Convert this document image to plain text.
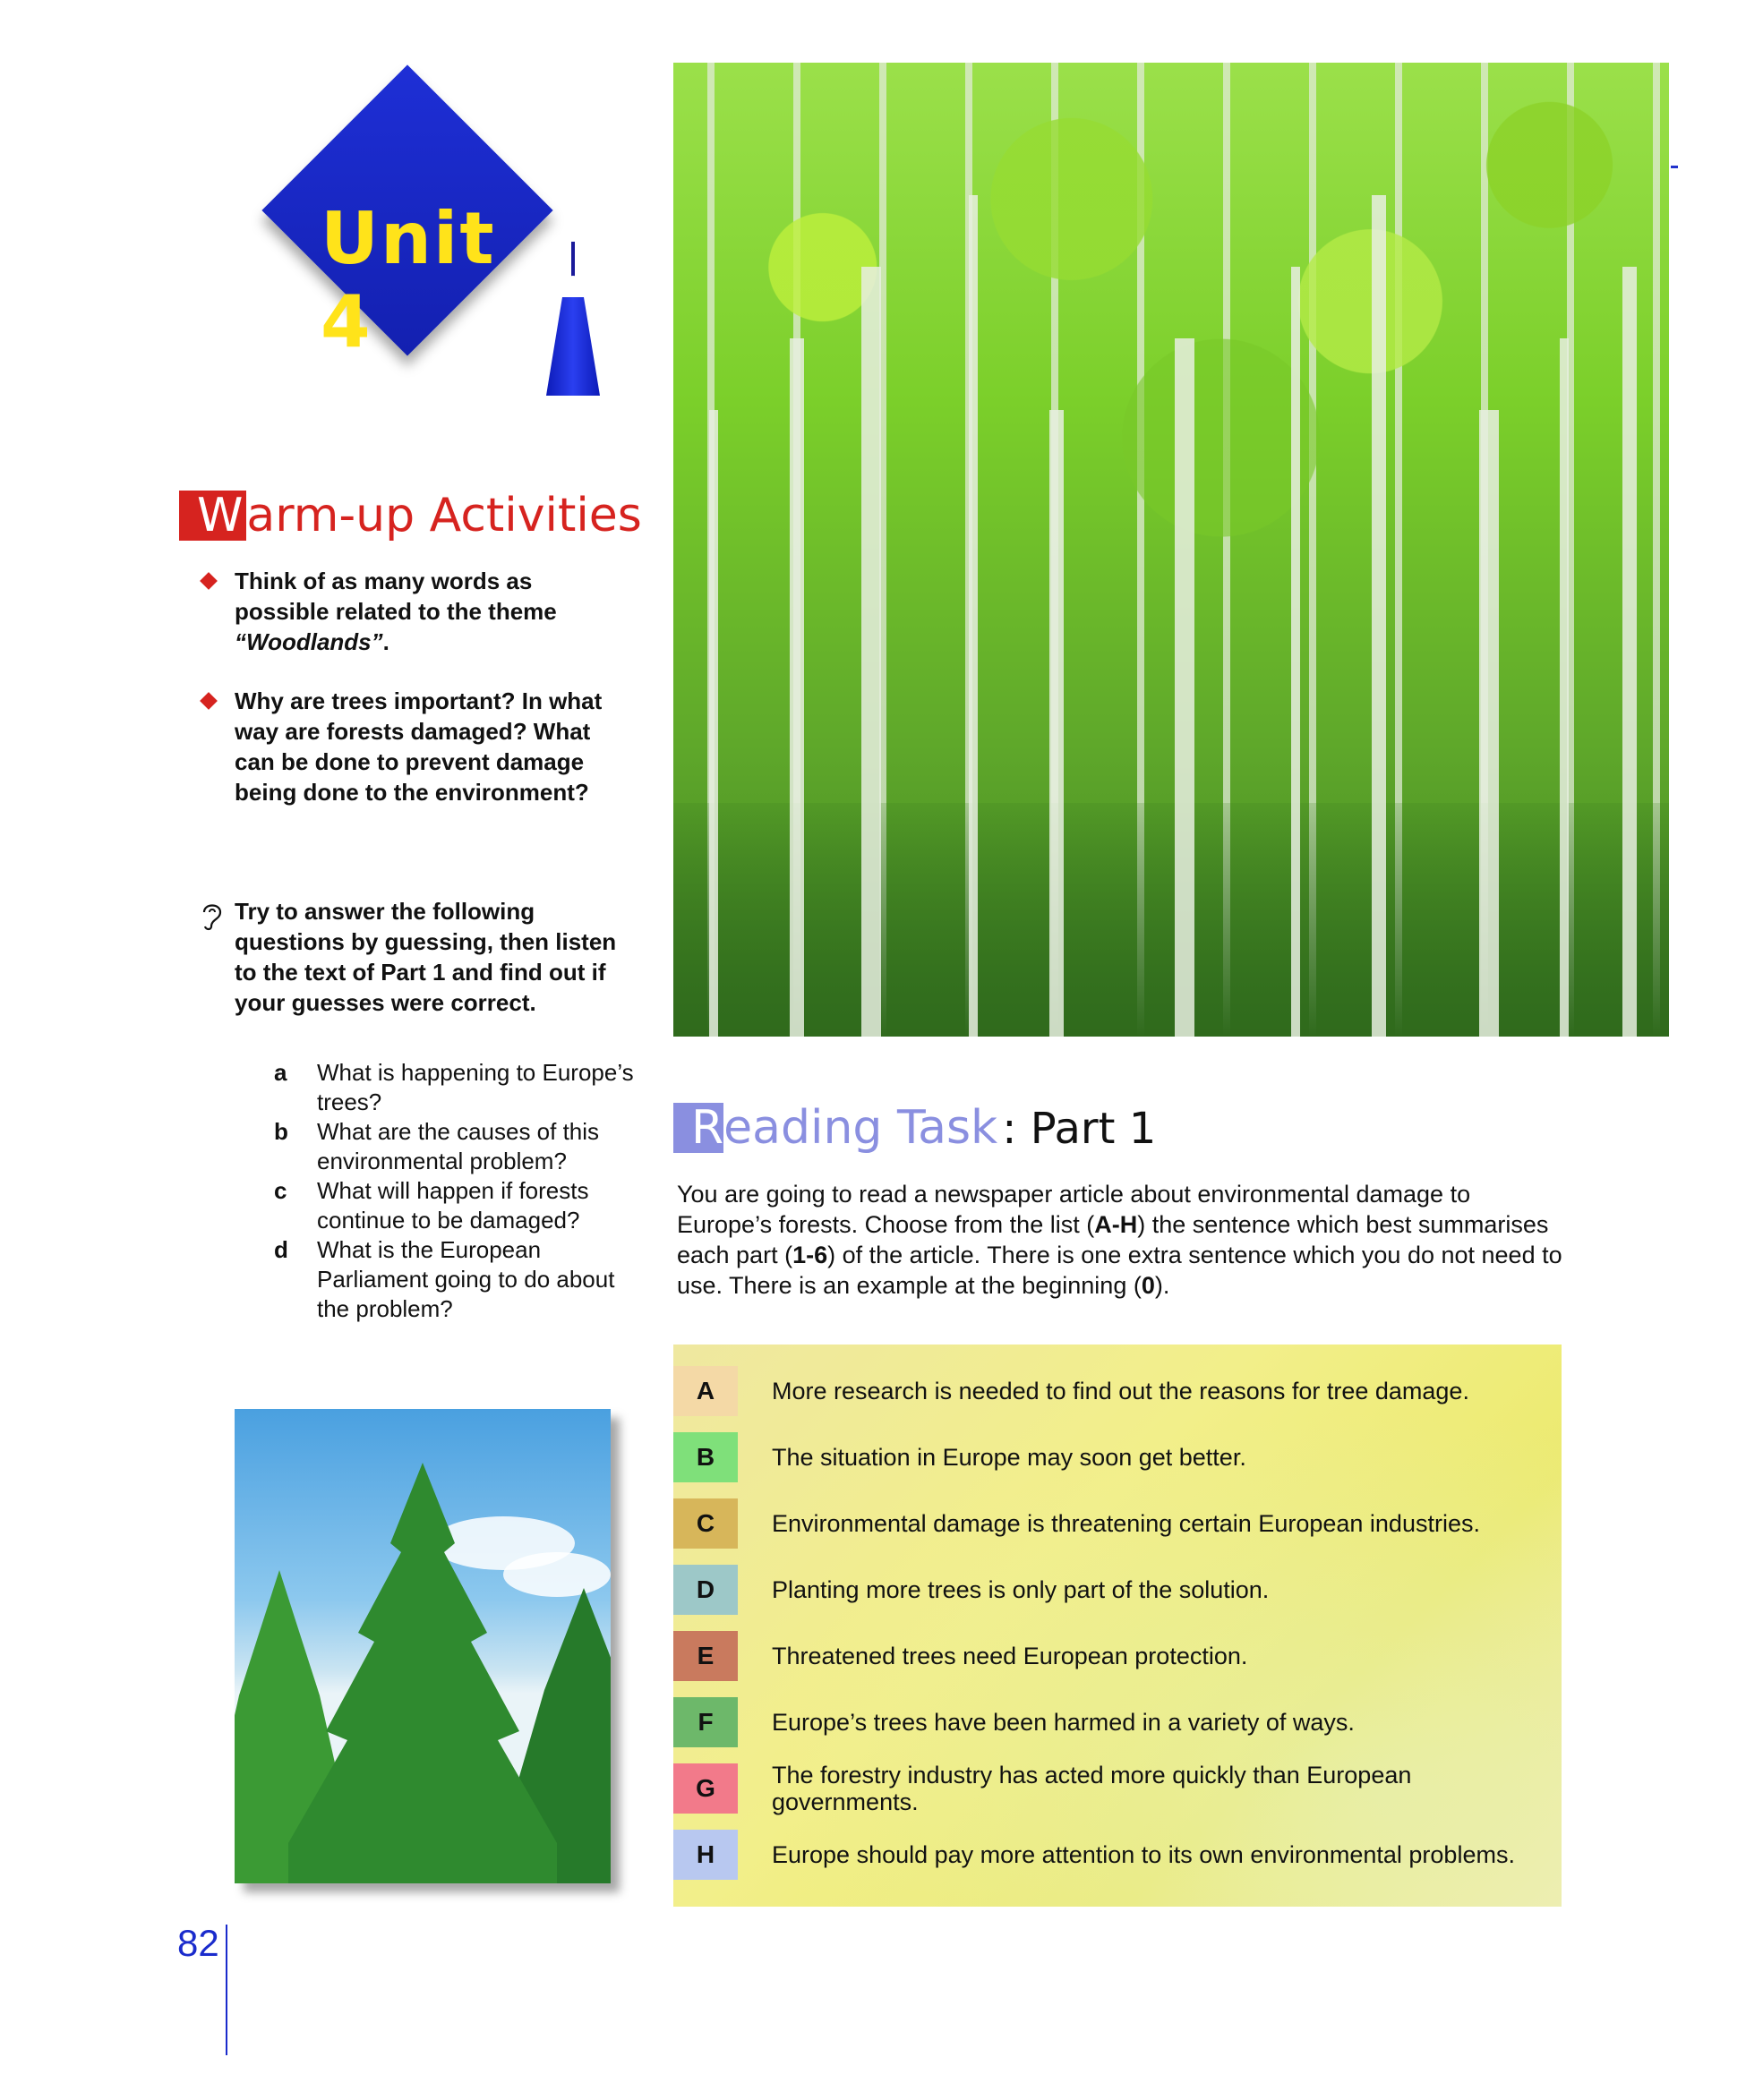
Unit 4
Warm-up Activities
Think of as many words as possible related to the theme “Woodlands”.
Why are trees important? In what way are forests damaged? What can be done to prevent damage being done to the environment?
Try to answer the following questions by guessing, then listen to the text of Part 1 and find out if your guesses were correct.
a What is happening to Europe’s trees?
b What are the causes of this environmental problem?
c What will happen if forests continue to be damaged?
d What is the European Parliament going to do about the problem?
Reading Task : Part 1
You are going to read a newspaper article about environmental damage to Europe’s forests. Choose from the list (A-H) the sentence which best summarises each part (1-6) of the article. There is one extra sentence which you do not need to use. There is an example at the beginning (0).
A	More research is needed to find out the reasons for tree damage.
B	The situation in Europe may soon get better.
C	Environmental damage is threatening certain European industries.
D	Planting more trees is only part of the solution.
E	Threatened trees need European protection.
F	Europe’s trees have been harmed in a variety of ways.
G	The forestry industry has acted more quickly than European governments.
H	Europe should pay more attention to its own environmental problems.
82
